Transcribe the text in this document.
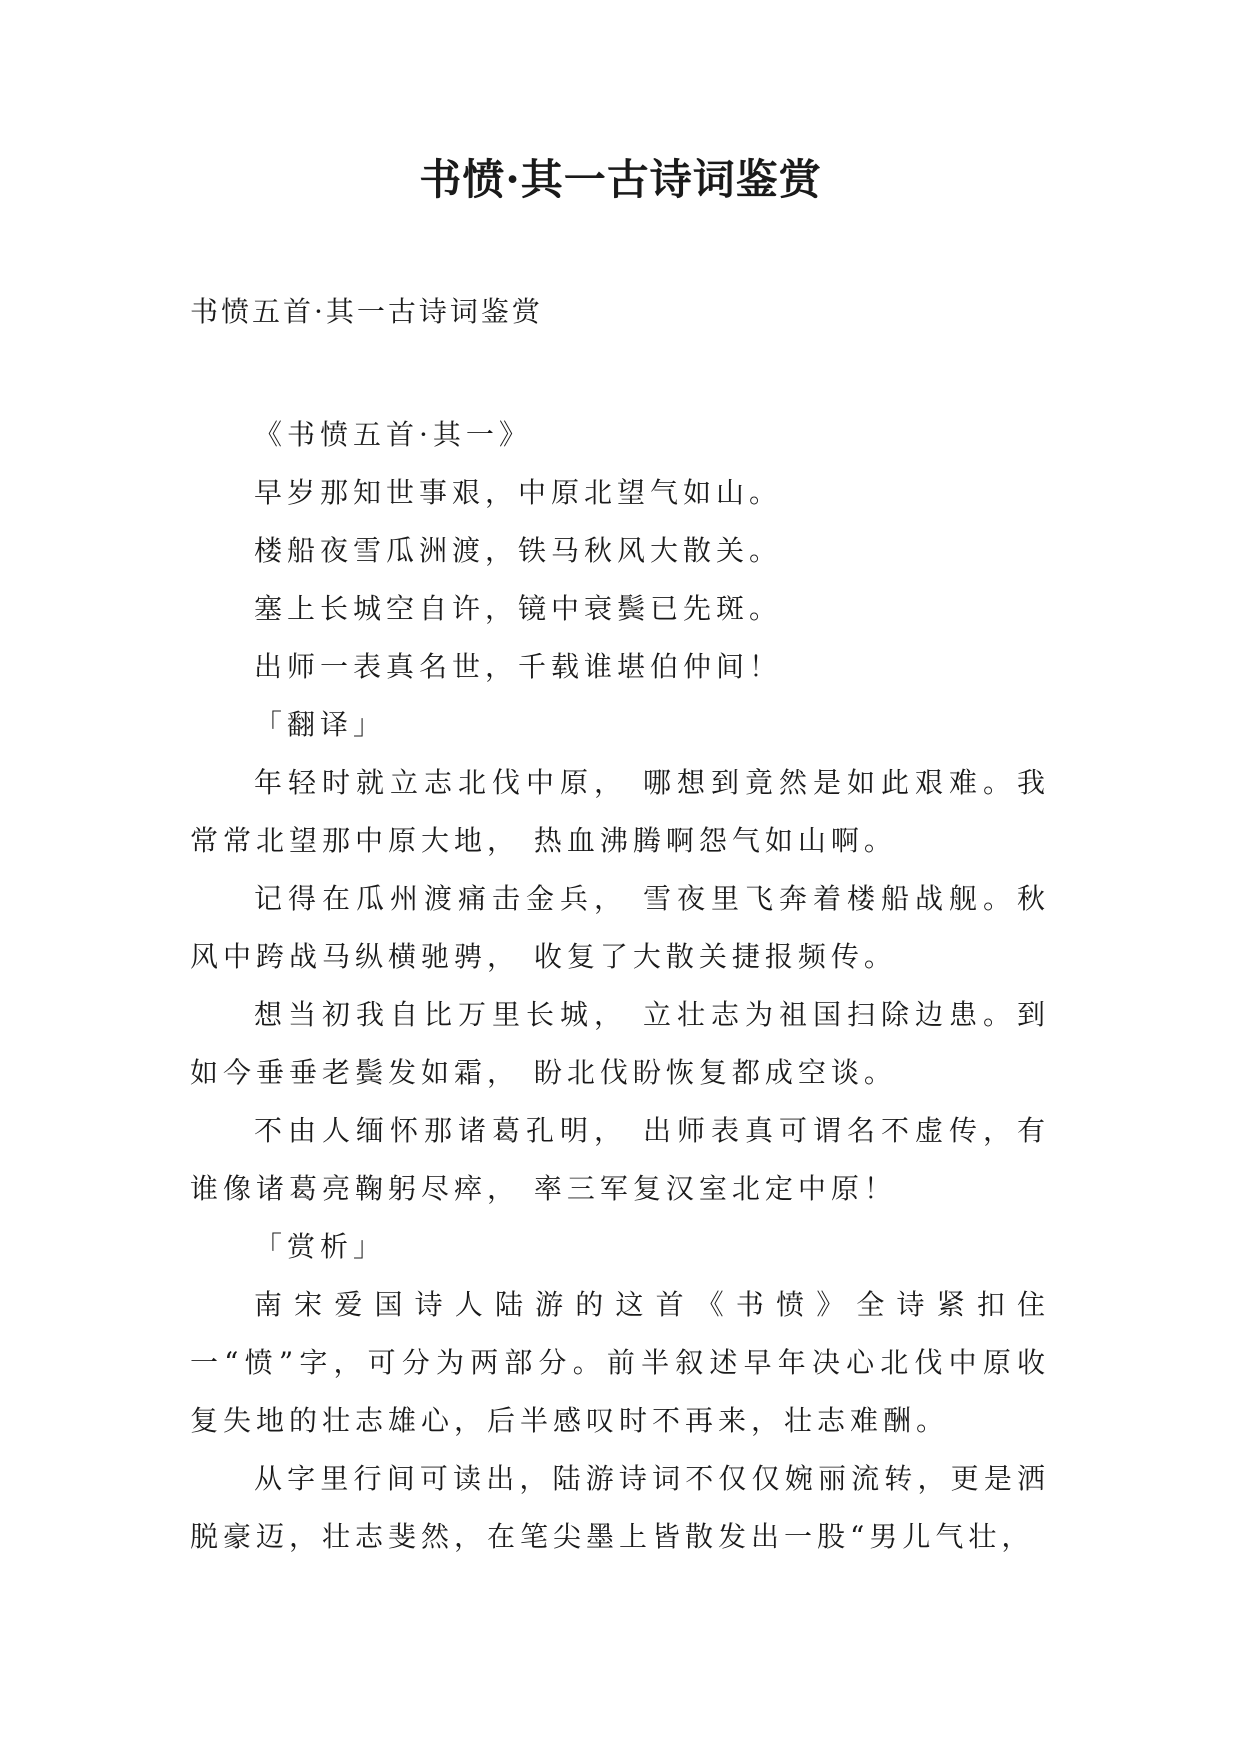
书愤·其一古诗词鉴赏
书愤五首·其一古诗词鉴赏

《书愤五首·其一》

早岁那知世事艰，中原北望气如山。

楼船夜雪瓜洲渡，铁马秋风大散关。

塞上长城空自许，镜中衰鬓已先斑。

出师一表真名世，千载谁堪伯仲间！

「翻译」

年轻时就立志北伐中原， 哪想到竟然是如此艰难。我常常北望那中原大地， 热血沸腾啊怨气如山啊。

记得在瓜州渡痛击金兵， 雪夜里飞奔着楼船战舰。秋风中跨战马纵横驰骋， 收复了大散关捷报频传。

想当初我自比万里长城， 立壮志为祖国扫除边患。到如今垂垂老鬓发如霜， 盼北伐盼恢复都成空谈。

不由人缅怀那诸葛孔明， 出师表真可谓名不虚传，有谁像诸葛亮鞠躬尽瘁， 率三军复汉室北定中原！

「赏析」

南宋爱国诗人陆游的这首《书愤》全诗紧扣住一“愤”字，可分为两部分。前半叙述早年决心北伐中原收复失地的壮志雄心，后半感叹时不再来，壮志难酬。

从字里行间可读出，陆游诗词不仅仅婉丽流转，更是洒脱豪迈，壮志斐然，在笔尖墨上皆散发出一股“男儿气壮，
